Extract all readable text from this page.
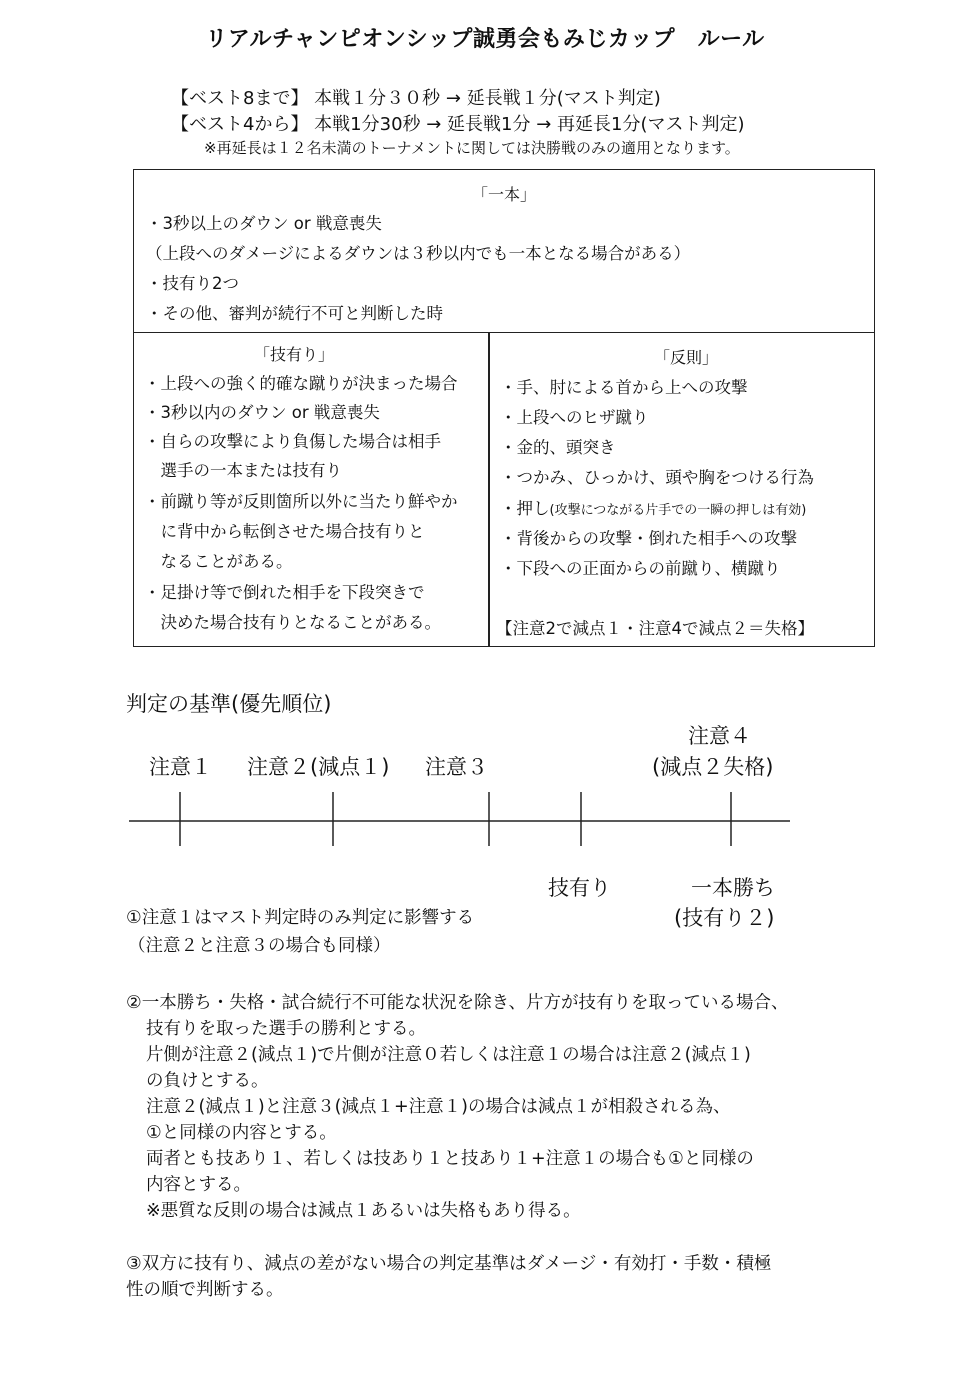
リアルチャンピオンシップ誠勇会もみじカップ　ルール
【ベスト8まで】 本戦１分３０秒 → 延長戦１分(マスト判定)
【ベスト4から】 本戦1分30秒 → 延長戦1分 → 再延長1分(マスト判定)
※再延長は１２名未満のトーナメントに関しては決勝戦のみの適用となります。
「一本」
・3秒以上のダウン or 戦意喪失
（上段へのダメージによるダウンは３秒以内でも一本となる場合がある）
・技有り2つ
・その他、審判が続行不可と判断した時
「技有り」
・上段への強く的確な蹴りが決まった場合
・3秒以内のダウン or 戦意喪失
・自らの攻撃により負傷した場合は相手
　選手の一本または技有り
・前蹴り等が反則箇所以外に当たり鮮やか
　に背中から転倒させた場合技有りと
　なることがある。
・足掛け等で倒れた相手を下段突きで
　決めた場合技有りとなることがある。
「反則」
・手、肘による首から上への攻撃
・上段へのヒザ蹴り
・金的、頭突き
・つかみ、ひっかけ、頭や胸をつける行為
・押し(攻撃につながる片手での一瞬の押しは有効)
・背後からの攻撃・倒れた相手への攻撃
・下段への正面からの前蹴り、横蹴り
【注意2で減点１・注意4で減点２＝失格】
判定の基準(優先順位)
注意１ 注意２(減点１) 注意３
注意４
(減点２失格)
技有り	一本勝ち
(技有り２)
①注意１はマスト判定時のみ判定に影響する
（注意２と注意３の場合も同様）
②一本勝ち・失格・試合続行不可能な状況を除き、片方が技有りを取っている場合、
技有りを取った選手の勝利とする。
片側が注意２(減点１)で片側が注意０若しくは注意１の場合は注意２(減点１)
の負けとする。
注意２(減点１)と注意３(減点１+注意１)の場合は減点１が相殺される為、
①と同様の内容とする。
両者とも技あり１、若しくは技あり１と技あり１+注意１の場合も①と同様の
内容とする。
※悪質な反則の場合は減点１あるいは失格もあり得る。
③双方に技有り、減点の差がない場合の判定基準はダメージ・有効打・手数・積極
性の順で判断する。
